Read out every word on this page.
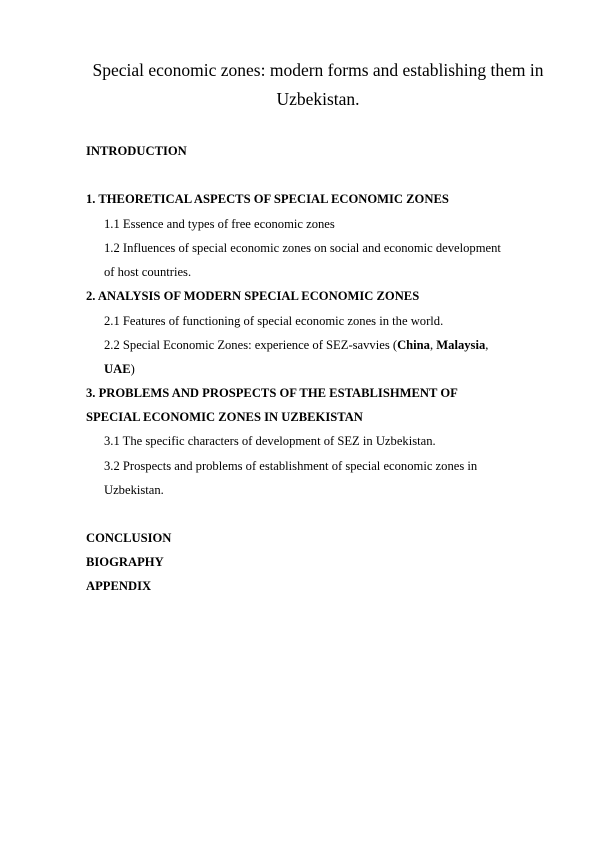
Special economic zones: modern forms and establishing them in
Uzbekistan.
INTRODUCTION
1. THEORETICAL ASPECTS OF SPECIAL ECONOMIC ZONES
1.1 Essence and types of free economic zones
1.2 Influences of special economic zones on social and economic development
of host countries.
2. ANALYSIS OF MODERN SPECIAL ECONOMIC ZONES
2.1 Features of functioning of special economic zones in the world.
2.2 Special Economic Zones: experience of SEZ-savvies (China, Malaysia,
UAE)
3. PROBLEMS AND PROSPECTS OF THE ESTABLISHMENT OF
SPECIAL ECONOMIC ZONES IN UZBEKISTAN
3.1 The specific characters of development of SEZ in Uzbekistan.
3.2 Prospects and problems of establishment of special economic zones in
Uzbekistan.
CONCLUSION
BIOGRAPHY
APPENDIX
